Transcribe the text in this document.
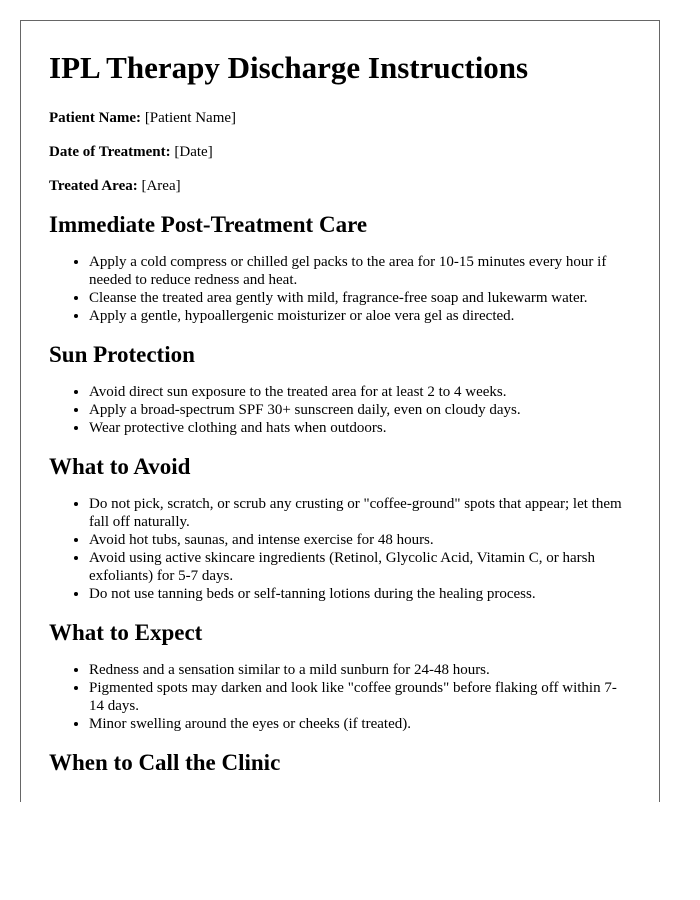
IPL Therapy Discharge Instructions

Patient Name: [Patient Name]

Date of Treatment: [Date]

Treated Area: [Area]

Immediate Post-Treatment Care
• Apply a cold compress or chilled gel packs to the area for 10-15 minutes every hour if needed to reduce redness and heat.
• Cleanse the treated area gently with mild, fragrance-free soap and lukewarm water.
• Apply a gentle, hypoallergenic moisturizer or aloe vera gel as directed.
Sun Protection
• Avoid direct sun exposure to the treated area for at least 2 to 4 weeks.
• Apply a broad-spectrum SPF 30+ sunscreen daily, even on cloudy days.
• Wear protective clothing and hats when outdoors.
What to Avoid
• Do not pick, scratch, or scrub any crusting or "coffee-ground" spots that appear; let them fall off naturally.
• Avoid hot tubs, saunas, and intense exercise for 48 hours.
• Avoid using active skincare ingredients (Retinol, Glycolic Acid, Vitamin C, or harsh exfoliants) for 5-7 days.
• Do not use tanning beds or self-tanning lotions during the healing process.
What to Expect
• Redness and a sensation similar to a mild sunburn for 24-48 hours.
• Pigmented spots may darken and look like "coffee grounds" before flaking off within 7-14 days.
• Minor swelling around the eyes or cheeks (if treated).
When to Call the Clinic
